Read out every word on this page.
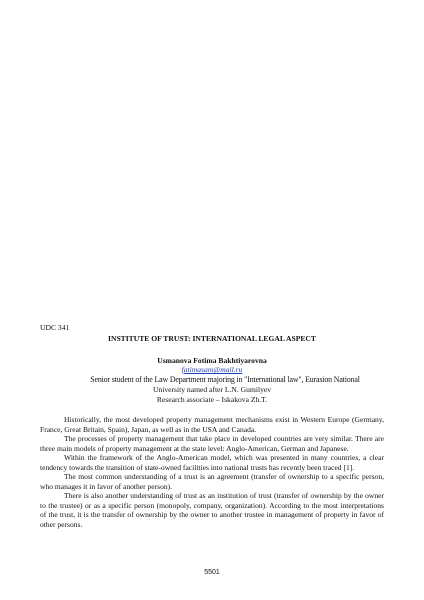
UDC 341
INSTITUTE OF TRUST: INTERNATIONAL LEGAL ASPECT
Usmanova Fotima Bakhtiyarovna
fatimasam@mail.ru
Senior student of the Law Department majoring in "International law", Eurasion National
University named after L.N. Gumilyev
Research associate – Iskakova Zh.T.

Historically, the most developed property management mechanisms exist in Western Europe (Germany, France, Great Britain, Spain), Japan, as well as in the USA and Canada.

The processes of property management that take place in developed countries are very similar. There are three main models of property management at the state level: Anglo-American, German and Japanese.

Within the framework of the Anglo-American model, which was presented in many countries, a clear tendency towards the transition of state-owned facilities into national trusts has recently been traced [1].

The most common understanding of a trust is an agreement (transfer of ownership to a specific person, who manages it in favor of another person).

There is also another understanding of trust as an institution of trust (transfer of ownership by the owner to the trustee) or as a specific person (monopoly, company, organization). According to the most interpretations of the trust, it is the transfer of ownership by the owner to another trustee in management of property in favor of other persons.

5501
